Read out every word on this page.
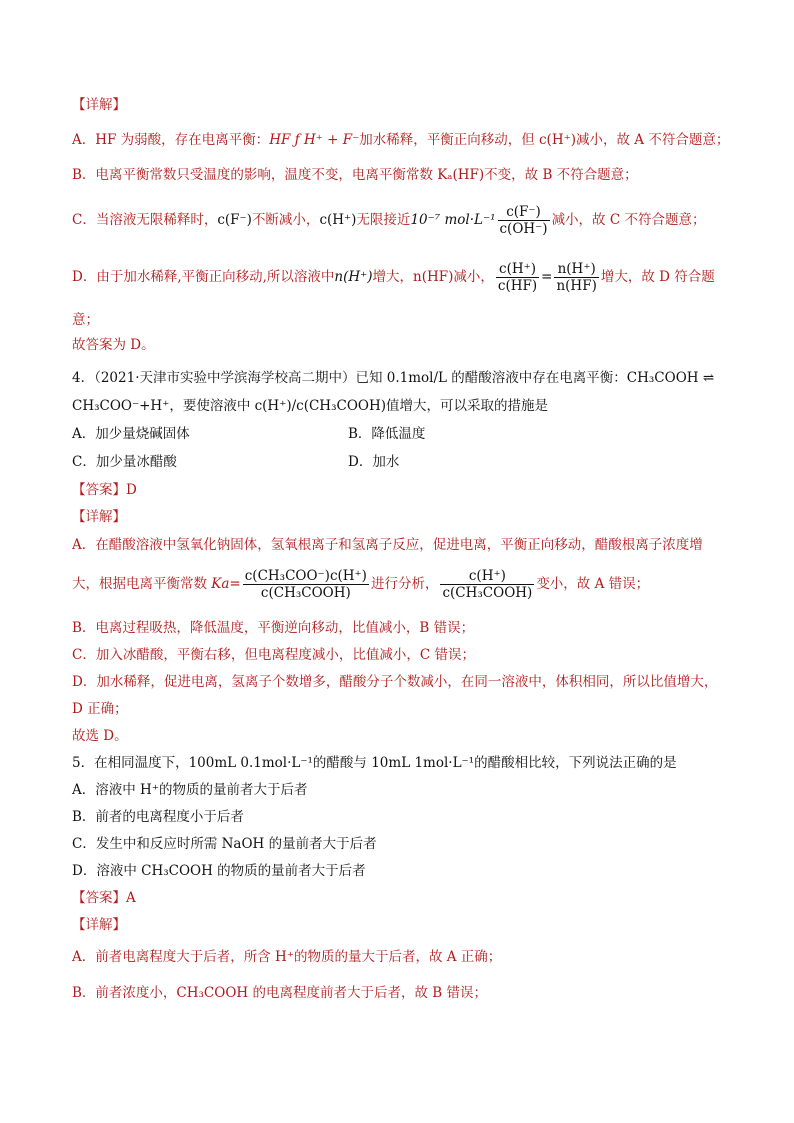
【详解】
A．HF 为弱酸，存在电离平衡：HF ƒ H⁺ + F⁻加水稀释，平衡正向移动，但 c(H⁺)减小，故 A 不符合题意；
B．电离平衡常数只受温度的影响，温度不变，电离平衡常数 Kₐ(HF)不变，故 B 不符合题意；
C．当溶液无限稀释时，c(F⁻)不断减小，c(H⁺)无限接近10⁻⁷ $mol\cdot L^{-1} \frac{c(F^-)}{c(OH^-)}$ 减小，故 C 不符合题意；
D．由于加水稀释,平衡正向移动,所以溶液中n(H⁺)增大，n(HF)减小， $\frac{c(H^+)}{c(HF)} = \frac{n(H^+)}{n(HF)}$ 增大，故 D 符合题
意；
故答案为 D。
4．（2021·天津市实验中学滨海学校高二期中）已知 0.1mol/L 的醋酸溶液中存在电离平衡：CH₃COOH ⇌
CH₃COO⁻+H⁺，要使溶液中 c(H⁺)/c(CH₃COOH)值增大，可以采取的措施是
A．加少量烧碱固体	B．降低温度
C．加少量冰醋酸	D．加水
【答案】D
【详解】
A．在醋酸溶液中氢氧化钠固体，氢氧根离子和氢离子反应，促进电离，平衡正向移动，醋酸根离子浓度增
大，根据电离平衡常数 $Ka= \frac{\text{c(CH₃COO⁻)c(H⁺)}}{\text{c(CH₃COOH)}}$ 进行分析， $\frac{c(H^+)}{\text{c(CH₃COOH)}}$ 变小，故 A 错误；
B．电离过程吸热，降低温度，平衡逆向移动，比值减小，B 错误；
C．加入冰醋酸，平衡右移，但电离程度减小，比值减小，C 错误；
D．加水稀释，促进电离，氢离子个数增多，醋酸分子个数减小，在同一溶液中，体积相同，所以比值增大，
D 正确；
故选 D。
5．在相同温度下，100mL 0.1mol·L⁻¹的醋酸与 10mL 1mol·L⁻¹的醋酸相比较，下列说法正确的是
A．溶液中 H⁺的物质的量前者大于后者
B．前者的电离程度小于后者
C．发生中和反应时所需 NaOH 的量前者大于后者
D．溶液中 CH₃COOH 的物质的量前者大于后者
【答案】A
【详解】
A．前者电离程度大于后者，所含 H⁺的物质的量大于后者，故 A 正确；
B．前者浓度小，CH₃COOH 的电离程度前者大于后者，故 B 错误；
